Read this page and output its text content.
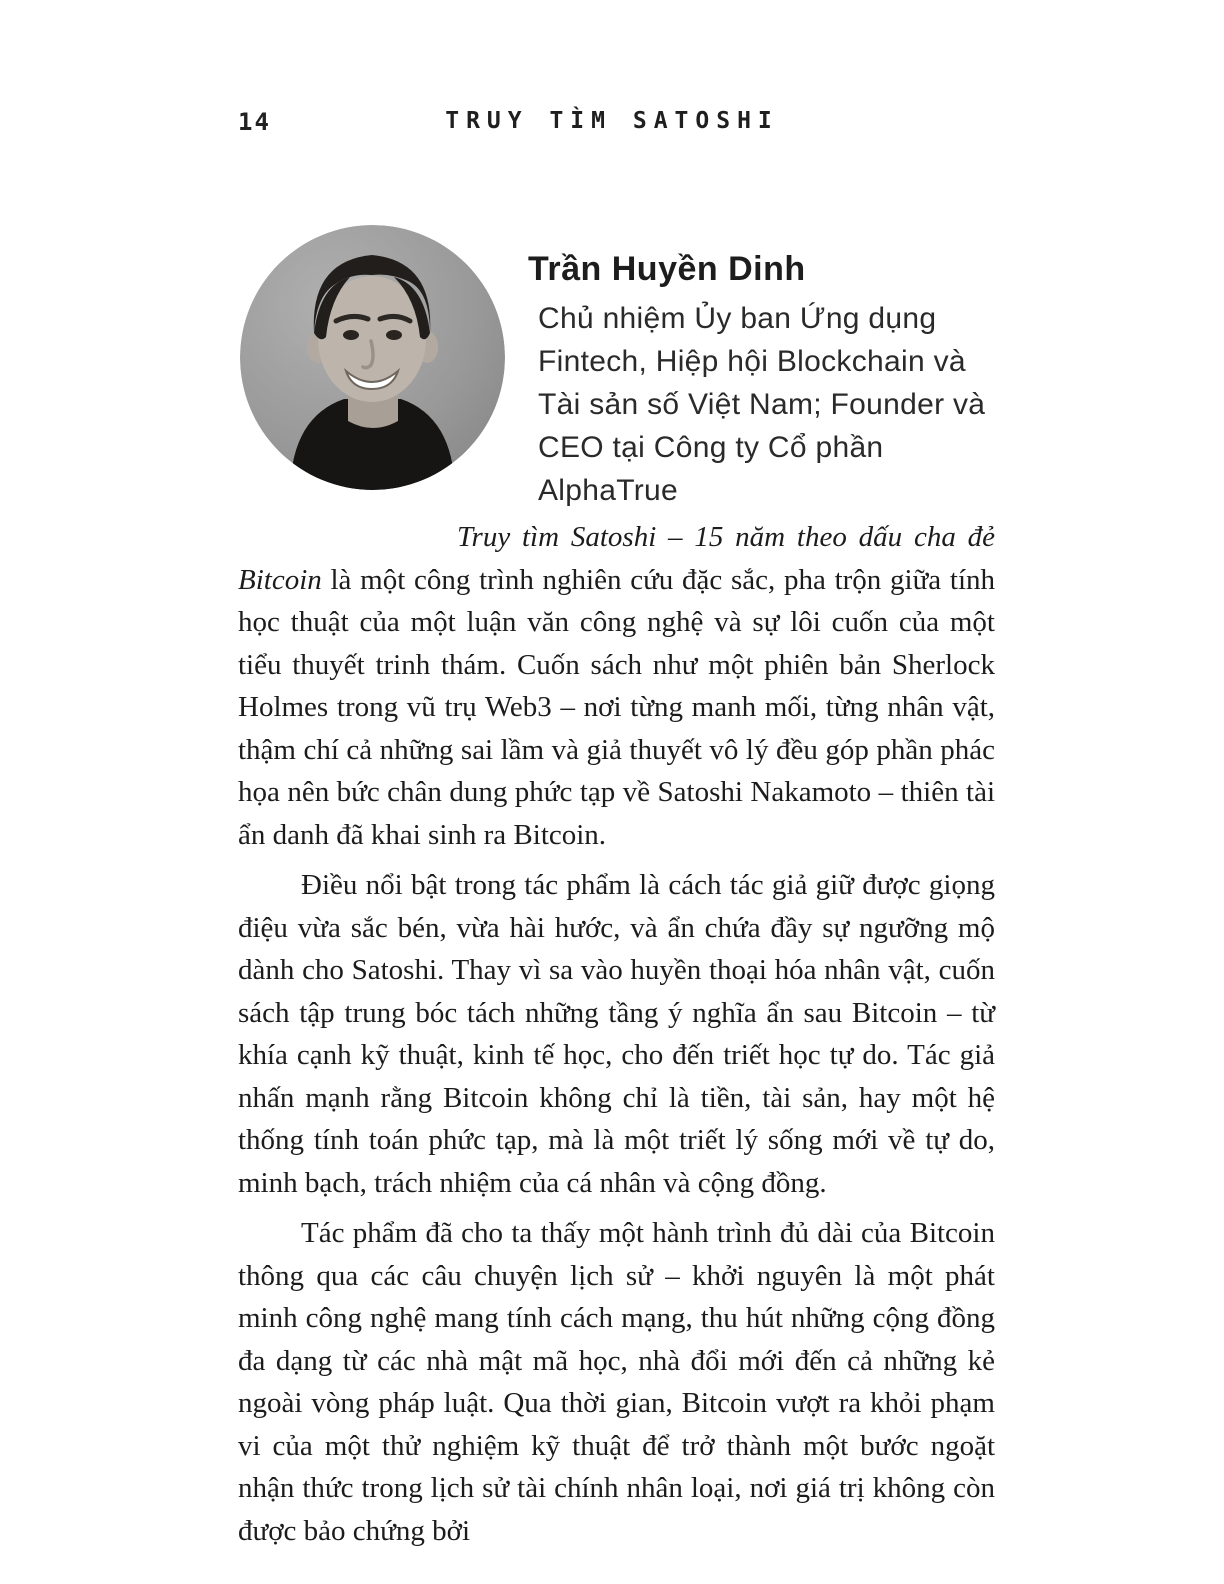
14	TRUY TÌM SATOSHI
Trần Huyền Dinh
Chủ nhiệm Ủy ban Ứng dụng
Fintech, Hiệp hội Blockchain và
Tài sản số Việt Nam; Founder và
CEO tại Công ty Cổ phần AlphaTrue

Truy tìm Satoshi – 15 năm theo dấu cha đẻ Bitcoin là một công trình nghiên cứu đặc sắc, pha trộn giữa tính học thuật của một luận văn công nghệ và sự lôi cuốn của một tiểu thuyết trinh thám. Cuốn sách như một phiên bản Sherlock Holmes trong vũ trụ Web3 – nơi từng manh mối, từng nhân vật, thậm chí cả những sai lầm và giả thuyết vô lý đều góp phần phác họa nên bức chân dung phức tạp về Satoshi Nakamoto – thiên tài ẩn danh đã khai sinh ra Bitcoin.

Điều nổi bật trong tác phẩm là cách tác giả giữ được giọng điệu vừa sắc bén, vừa hài hước, và ẩn chứa đầy sự ngưỡng mộ dành cho Satoshi. Thay vì sa vào huyền thoại hóa nhân vật, cuốn sách tập trung bóc tách những tầng ý nghĩa ẩn sau Bitcoin – từ khía cạnh kỹ thuật, kinh tế học, cho đến triết học tự do. Tác giả nhấn mạnh rằng Bitcoin không chỉ là tiền, tài sản, hay một hệ thống tính toán phức tạp, mà là một triết lý sống mới về tự do, minh bạch, trách nhiệm của cá nhân và cộng đồng.

Tác phẩm đã cho ta thấy một hành trình đủ dài của Bitcoin thông qua các câu chuyện lịch sử – khởi nguyên là một phát minh công nghệ mang tính cách mạng, thu hút những cộng đồng đa dạng từ các nhà mật mã học, nhà đổi mới đến cả những kẻ ngoài vòng pháp luật. Qua thời gian, Bitcoin vượt ra khỏi phạm vi của một thử nghiệm kỹ thuật để trở thành một bước ngoặt nhận thức trong lịch sử tài chính nhân loại, nơi giá trị không còn được bảo chứng bởi
